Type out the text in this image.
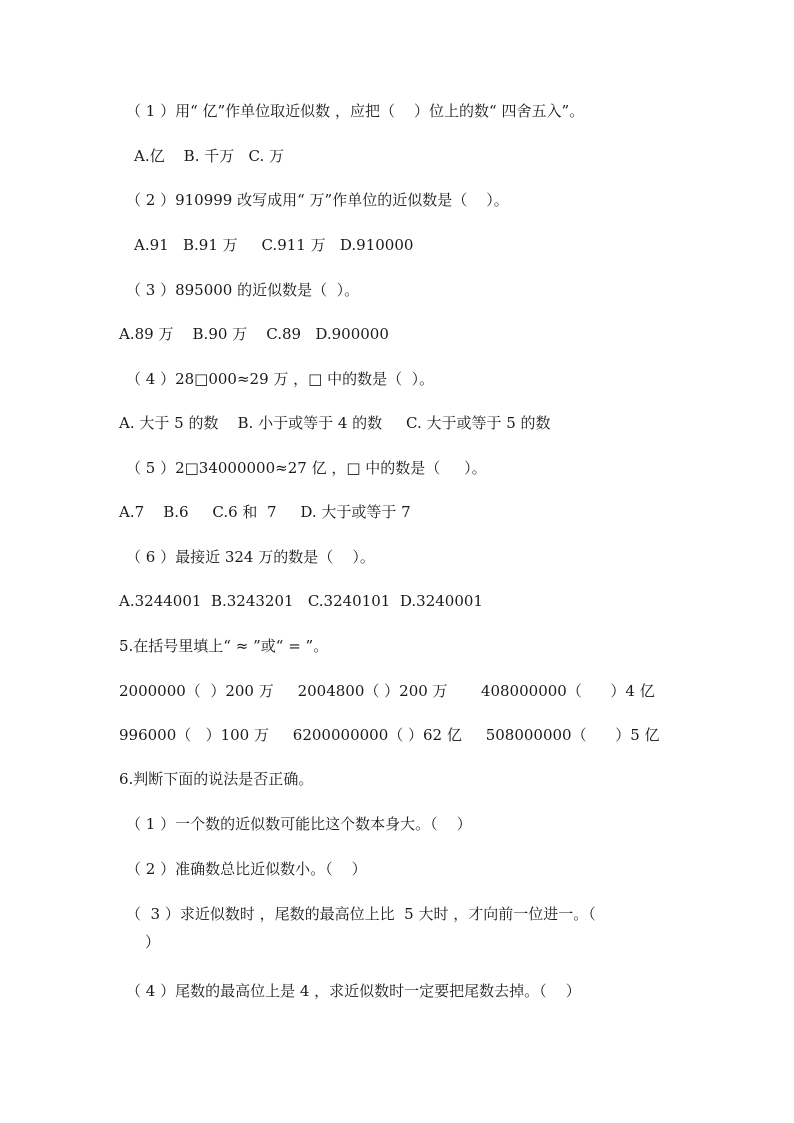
（ 1 ）用“ 亿”作单位取近似数 ，应把（    ）位上的数“ 四舍五入”。
A.亿    B. 千万   C. 万
（ 2 ）910999 改写成用“ 万”作单位的近似数是（    ）。
A.91   B.91 万     C.911 万   D.910000
（ 3 ）895000 的近似数是（  ）。
A.89 万    B.90 万    C.89   D.900000
（ 4 ）28□000≈29 万 ，□ 中的数是（  ）。
A. 大于 5 的数    B. 小于或等于 4 的数     C. 大于或等于 5 的数
（ 5 ）2□34000000≈27 亿 ，□ 中的数是（     ）。
A.7    B.6     C.6 和  7     D. 大于或等于 7
（ 6 ）最接近 324 万的数是（    ）。
A.3244001  B.3243201   C.3240101  D.3240001
5.在括号里填上“ ≈ ”或“ = ”。
2000000（  ）200 万     2004800（ ）200 万       408000000（      ）4 亿
996000（   ）100 万     6200000000（ ）62 亿     508000000（      ）5 亿
6.判断下面的说法是否正确。
（ 1 ）一个数的近似数可能比这个数本身大。（    ）
（ 2 ）准确数总比近似数小。（    ）
（  3 ）求近似数时 ，尾数的最高位上比  5 大时 ，才向前一位进一。（
）
（ 4 ）尾数的最高位上是 4 ，求近似数时一定要把尾数去掉。（    ）
